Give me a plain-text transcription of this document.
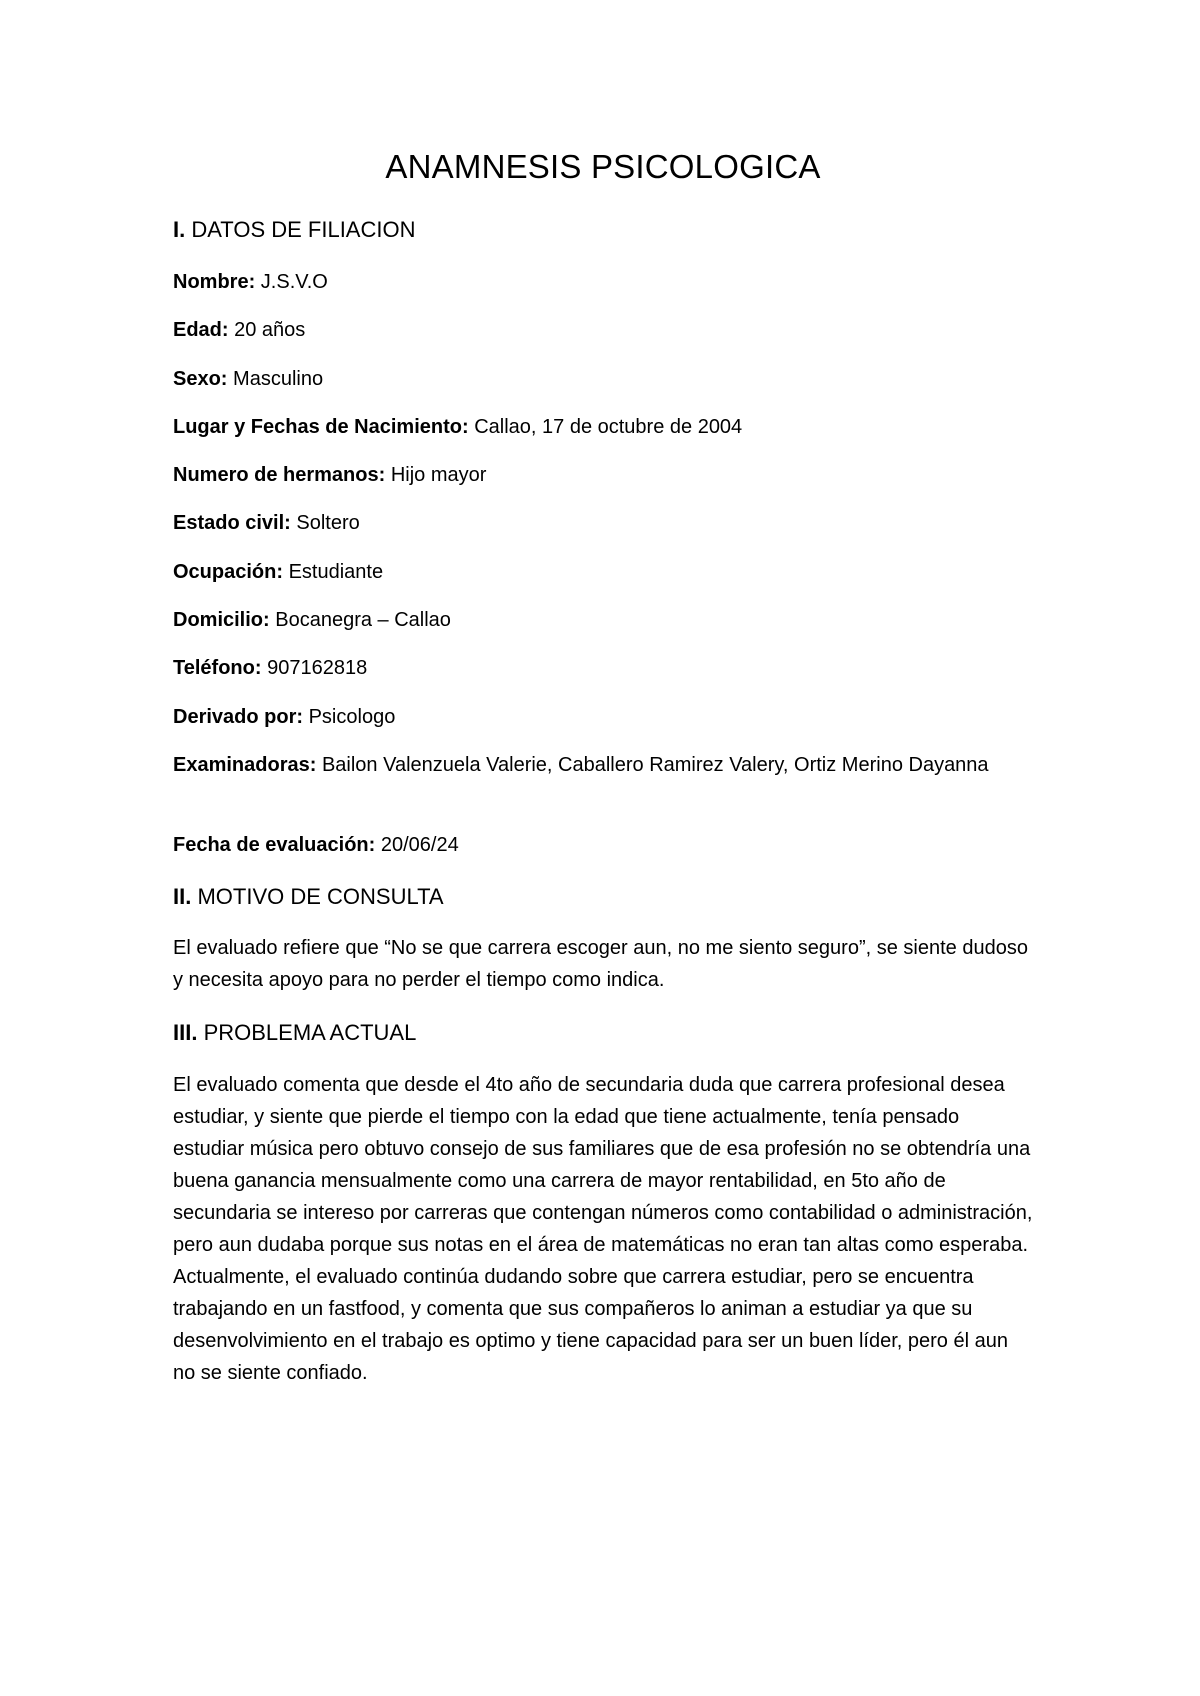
ANAMNESIS PSICOLOGICA
I. DATOS DE FILIACION

Nombre: J.S.V.O

Edad: 20 años

Sexo: Masculino

Lugar y Fechas de Nacimiento: Callao, 17 de octubre de 2004

Numero de hermanos: Hijo mayor

Estado civil: Soltero

Ocupación: Estudiante

Domicilio: Bocanegra – Callao

Teléfono: 907162818

Derivado por: Psicologo

Examinadoras: Bailon Valenzuela Valerie, Caballero Ramirez Valery, Ortiz Merino Dayanna

Fecha de evaluación: 20/06/24

II. MOTIVO DE CONSULTA

El evaluado refiere que “No se que carrera escoger aun, no me siento seguro”, se siente dudoso y necesita apoyo para no perder el tiempo como indica.

III. PROBLEMA ACTUAL

El evaluado comenta que desde el 4to año de secundaria duda que carrera profesional desea estudiar, y siente que pierde el tiempo con la edad que tiene actualmente, tenía pensado estudiar música pero obtuvo consejo de sus familiares que de esa profesión no se obtendría una buena ganancia mensualmente como una carrera de mayor rentabilidad, en 5to año de secundaria se intereso por carreras que contengan números como contabilidad o administración, pero aun dudaba porque sus notas en el área de matemáticas no eran tan altas como esperaba. Actualmente, el evaluado continúa dudando sobre que carrera estudiar, pero se encuentra trabajando en un fastfood, y comenta que sus compañeros lo animan a estudiar ya que su desenvolvimiento en el trabajo es optimo y tiene capacidad para ser un buen líder, pero él aun no se siente confiado.
